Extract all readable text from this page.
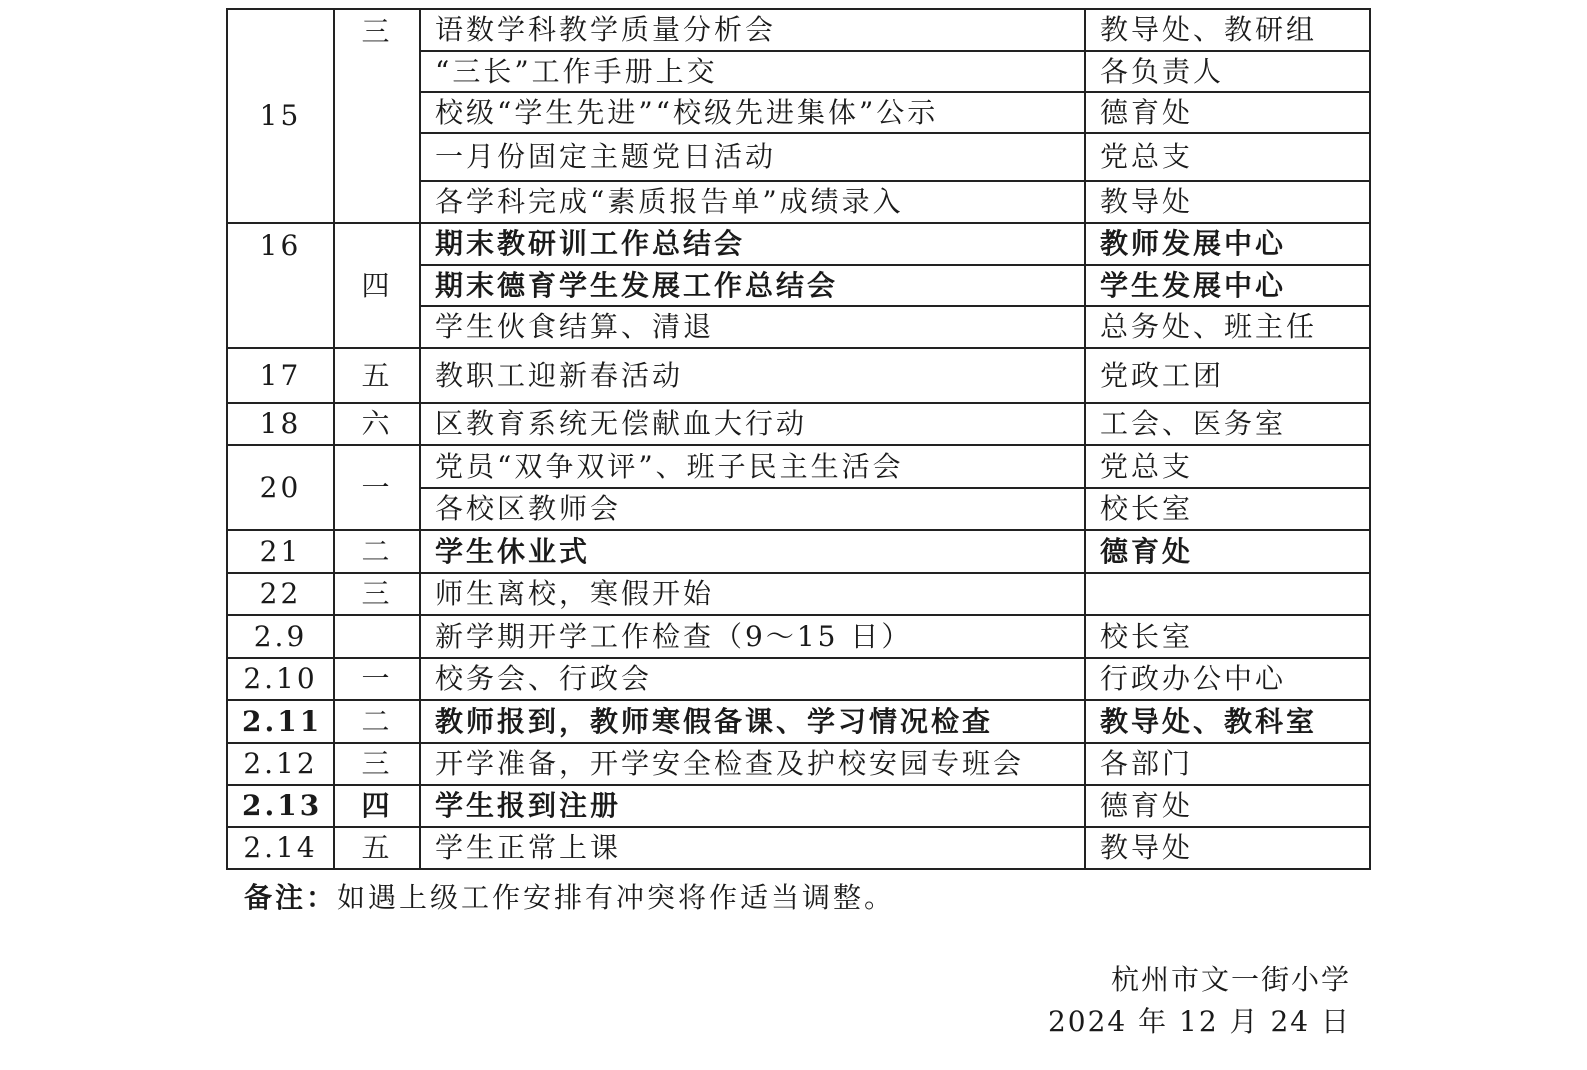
15	三	语数学科教学质量分析会	教导处、教研组
		“三长”工作手册上交	各负责人
		校级“学生先进”“校级先进集体”公示	德育处
		一月份固定主题党日活动	党总支
		各学科完成“素质报告单”成绩录入	教导处
16	四	期末教研训工作总结会	教师发展中心
		期末德育学生发展工作总结会	学生发展中心
		学生伙食结算、清退	总务处、班主任
17	五	教职工迎新春活动	党政工团
18	六	区教育系统无偿献血大行动	工会、医务室
20	一	党员“双争双评”、班子民主生活会	党总支
		各校区教师会	校长室
21	二	学生休业式	德育处
22	三	师生离校，寒假开始	
2.9		新学期开学工作检查（9～15 日）	校长室
2.10	一	校务会、行政会	行政办公中心
2.11	二	教师报到，教师寒假备课、学习情况检查	教导处、教科室
2.12	三	开学准备，开学安全检查及护校安园专班会	各部门
2.13	四	学生报到注册	德育处
2.14	五	学生正常上课	教导处
备注：如遇上级工作安排有冲突将作适当调整。
杭州市文一街小学
2024 年 12 月 24 日
